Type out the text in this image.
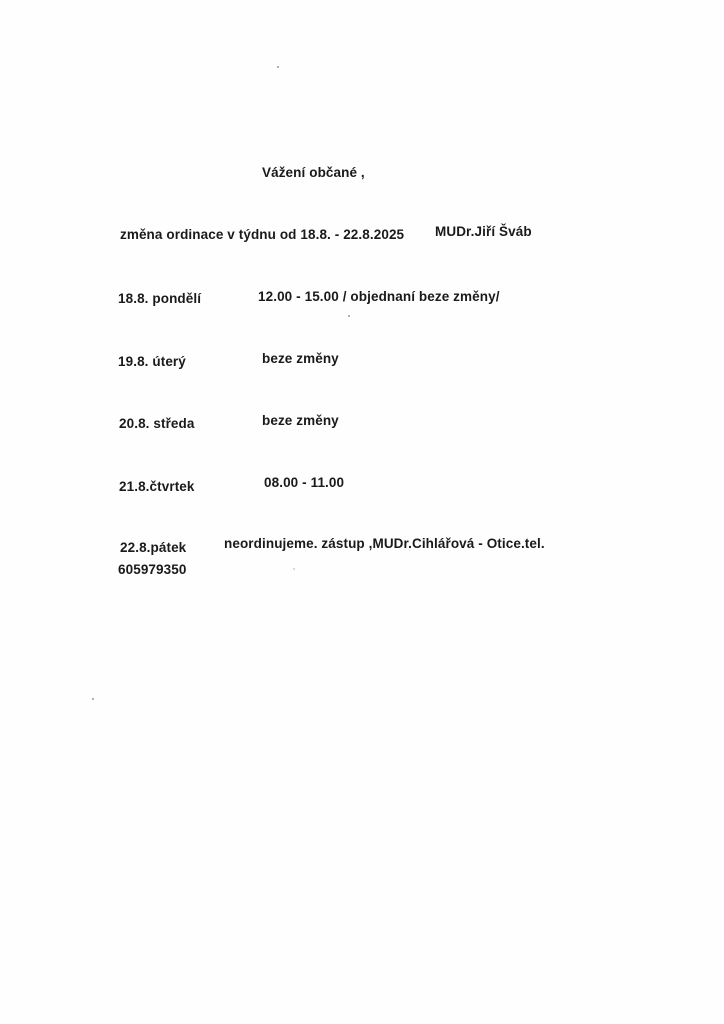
Vážení občané ,
změna ordinace v týdnu od 18.8. - 22.8.2025 MUDr.Jiří Šváb
18.8. pondělí	12.00 - 15.00 / objednaní beze změny/
19.8. úterý	beze změny
20.8. středa	beze změny
21.8.čtvrtek	08.00 - 11.00
22.8.pátek	neordinujeme. zástup ,MUDr.Cihlářová - Otice.tel.
605979350
